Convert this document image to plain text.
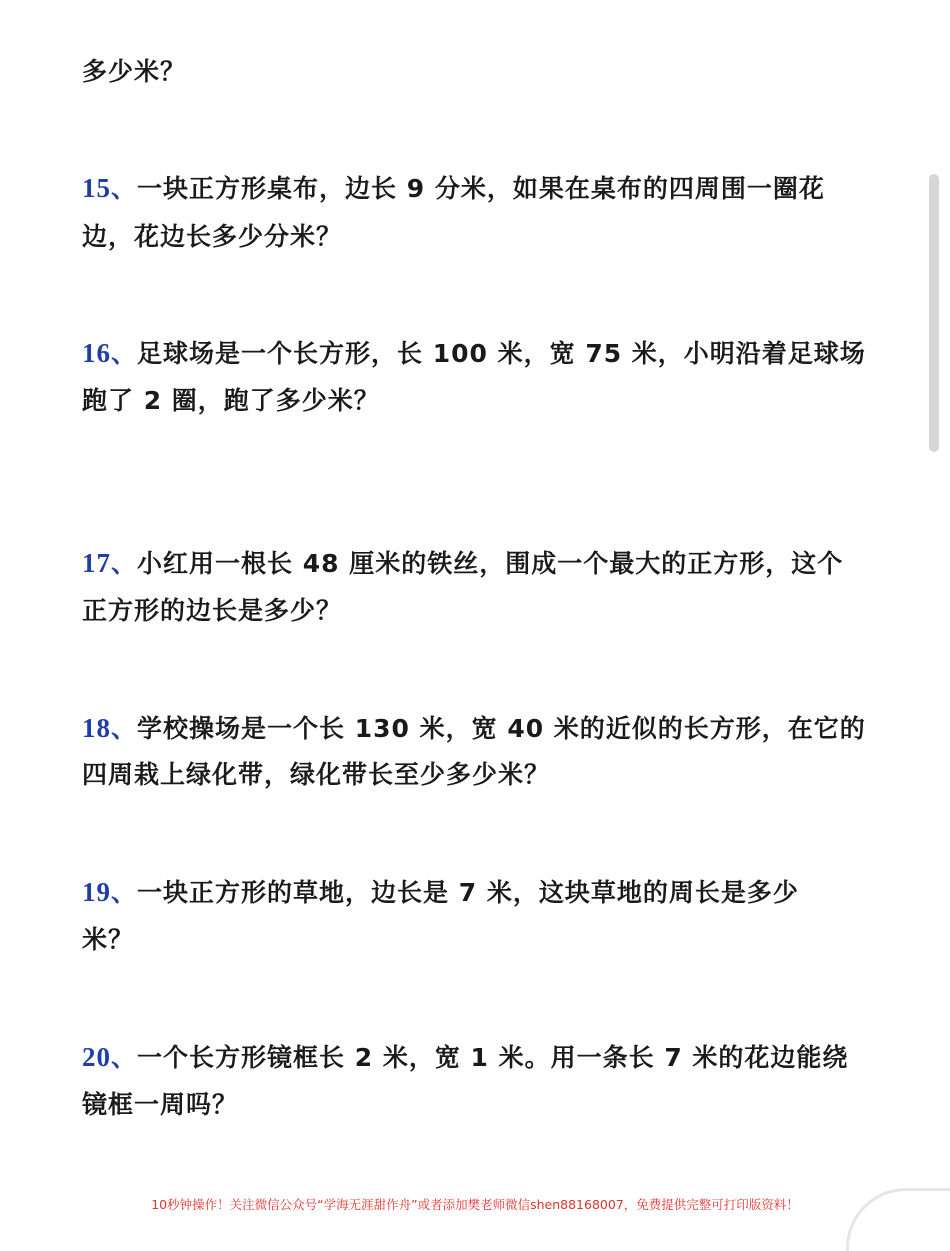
多少米？
15、一块正方形桌布，边长 9 分米，如果在桌布的四周围一圈花
边，花边长多少分米？
16、足球场是一个长方形，长 100 米，宽 75 米，小明沿着足球场
跑了 2 圈，跑了多少米？
17、小红用一根长 48 厘米的铁丝，围成一个最大的正方形，这个
正方形的边长是多少？
18、学校操场是一个长 130 米，宽 40 米的近似的长方形，在它的
四周栽上绿化带，绿化带长至少多少米？
19、一块正方形的草地，边长是 7 米，这块草地的周长是多少
米？
20、一个长方形镜框长 2 米，宽 1 米。用一条长 7 米的花边能绕
镜框一周吗？
10秒钟操作！关注微信公众号“学海无涯甜作舟”或者添加樊老师微信shen88168007，免费提供完整可打印版资料！
